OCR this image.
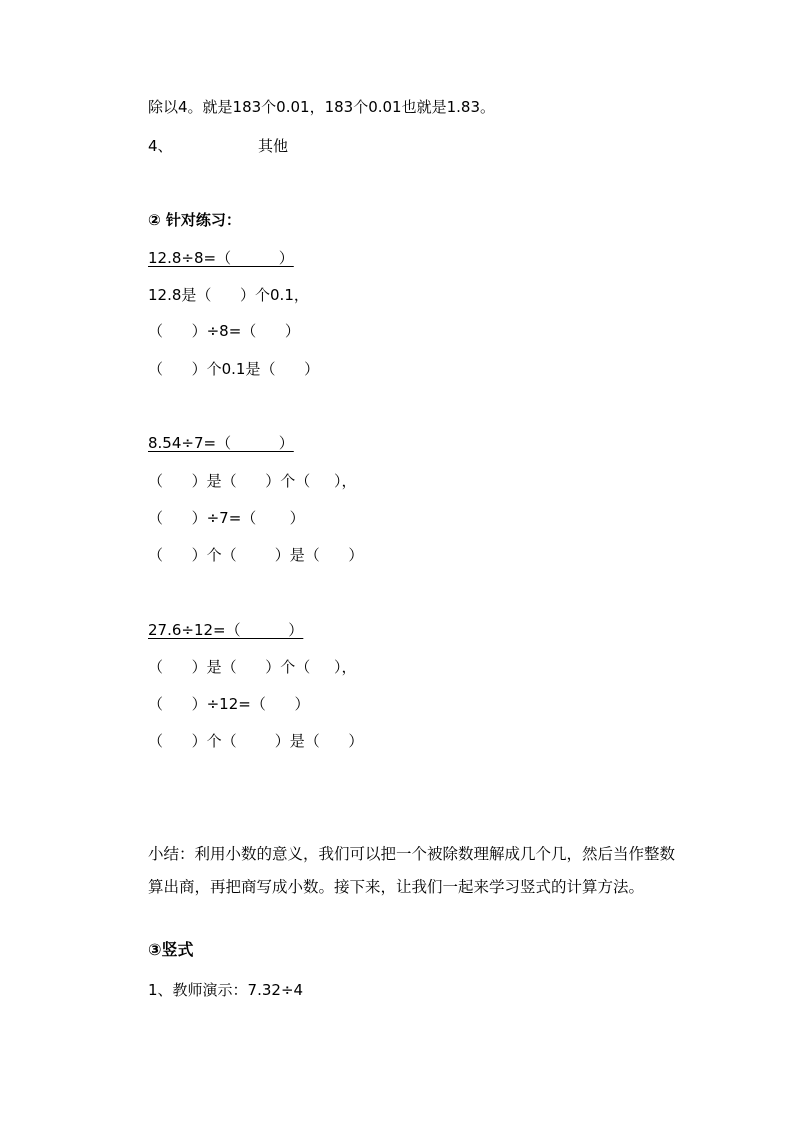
除以4。就是183个0.01，183个0.01也就是1.83。
4、	其他
② 针对练习：
12.8÷8=（          ）
12.8是（      ）个0.1，
（      ）÷8=（      ）
（      ）个0.1是（      ）
8.54÷7=（          ）
（      ）是（      ）个（     ），
（      ）÷7=（       ）
（      ）个（        ）是（      ）
27.6÷12=（          ）
（      ）是（      ）个（     ），
（      ）÷12=（      ）
（      ）个（        ）是（      ）
小结：利用小数的意义，我们可以把一个被除数理解成几个几，然后当作整数算出商，再把商写成小数。接下来，让我们一起来学习竖式的计算方法。
③竖式
1、教师演示：7.32÷4
